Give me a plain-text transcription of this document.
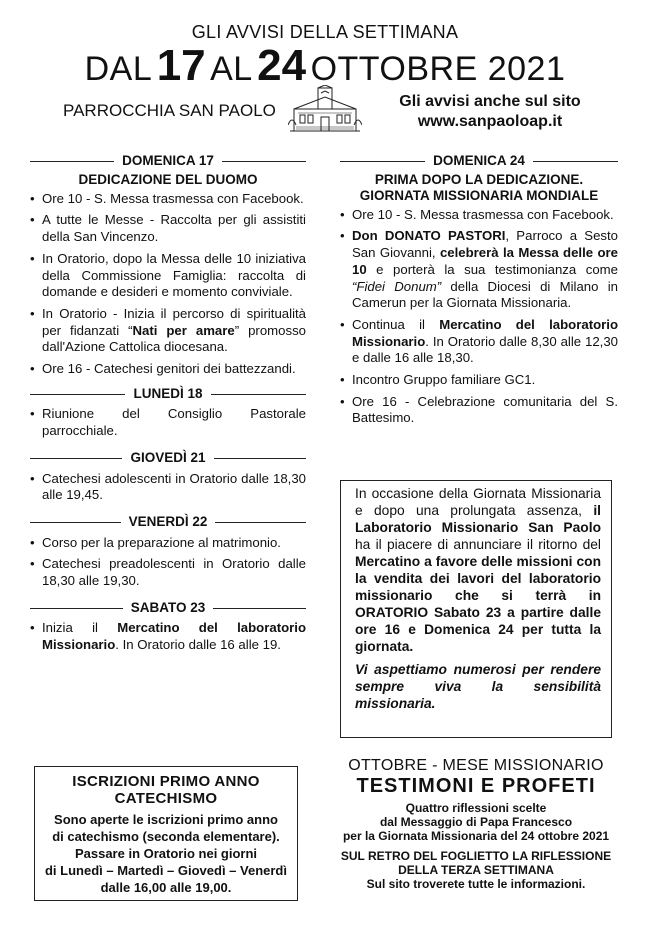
GLI AVVISI DELLA SETTIMANA
DAL 17 AL 24 OTTOBRE 2021
PARROCCHIA SAN PAOLO	Gli avvisi anche sul sito
www.sanpaoloap.it
DOMENICA 17
DEDICAZIONE DEL DUOMO
• Ore 10 - S. Messa trasmessa con Facebook.
• A tutte le Messe - Raccolta per gli assistiti della San Vincenzo.
• In Oratorio, dopo la Messa delle 10 iniziativa della Commissione Famiglia: raccolta di domande e desideri e momento conviviale.
• In Oratorio - Inizia il percorso di spiritualità per fidanzati “Nati per amare” promosso dall'Azione Cattolica diocesana.
• Ore 16 - Catechesi genitori dei battezzandi.
LUNEDÌ 18
• Riunione del Consiglio Pastorale parrocchiale.
GIOVEDÌ 21
• Catechesi adolescenti in Oratorio dalle 18,30 alle 19,45.
VENERDÌ 22
• Corso per la preparazione al matrimonio.
• Catechesi preadolescenti in Oratorio dalle 18,30 alle 19,30.
SABATO 23
• Inizia il Mercatino del laboratorio Missionario. In Oratorio dalle 16 alle 19.
DOMENICA 24
PRIMA DOPO LA DEDICAZIONE.
GIORNATA MISSIONARIA MONDIALE
• Ore 10 - S. Messa trasmessa con Facebook.
• Don DONATO PASTORI, Parroco a Sesto San Giovanni, celebrerà la Messa delle ore 10 e porterà la sua testimonianza come “Fidei Donum” della Diocesi di Milano in Camerun per la Giornata Missionaria.
• Continua il Mercatino del laboratorio Missionario. In Oratorio dalle 8,30 alle 12,30 e dalle 16 alle 18,30.
• Incontro Gruppo familiare GC1.
• Ore 16 - Celebrazione comunitaria del S. Battesimo.

In occasione della Giornata Missionaria e dopo una prolungata assenza, il Laboratorio Missionario San Paolo ha il piacere di annunciare il ritorno del Mercatino a favore delle missioni con la vendita dei lavori del laboratorio missionario che si terrà in ORATORIO Sabato 23 a partire dalle ore 16 e Domenica 24 per tutta la giornata.

Vi aspettiamo numerosi per rendere sempre viva la sensibilità missionaria.

ISCRIZIONI PRIMO ANNO CATECHISMO
Sono aperte le iscrizioni primo anno
di catechismo (seconda elementare).
Passare in Oratorio nei giorni
di Lunedì – Martedì – Giovedì – Venerdì
dalle 16,00 alle 19,00.
OTTOBRE - MESE MISSIONARIO
TESTIMONI E PROFETI
Quattro riflessioni scelte
dal Messaggio di Papa Francesco
per la Giornata Missionaria del 24 ottobre 2021
SUL RETRO DEL FOGLIETTO LA RIFLESSIONE
DELLA TERZA SETTIMANA
Sul sito troverete tutte le informazioni.
